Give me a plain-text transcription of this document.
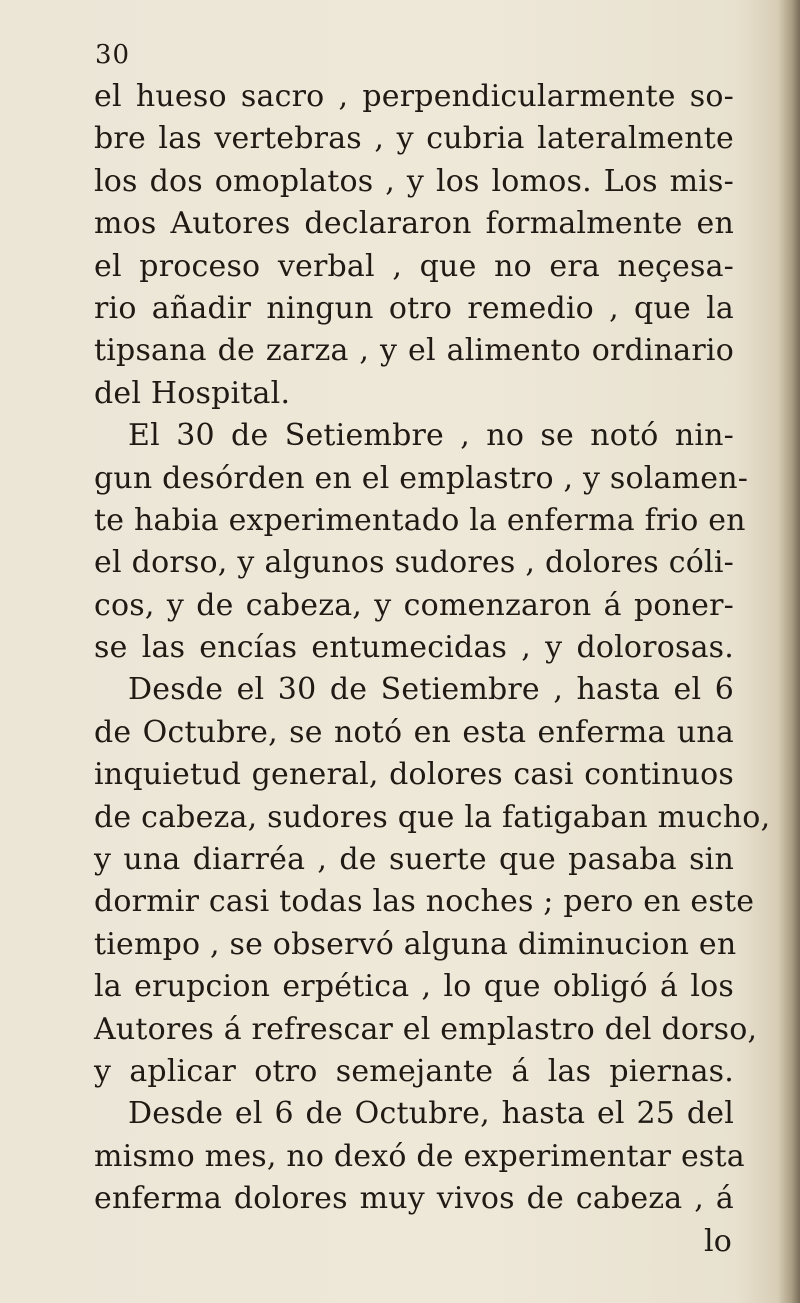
30
el hueso sacro , perpendicularmente so-
bre las vertebras , y cubria lateralmente
los dos omoplatos , y los lomos. Los mis-
mos Autores declararon formalmente en
el proceso verbal , que no era neçesa-
rio añadir ningun otro remedio , que la
tipsana de zarza , y el alimento ordinario
del Hospital.
El 30 de Setiembre , no se notó nin-
gun desórden en el emplastro , y solamen-
te habia experimentado la enferma frio en
el dorso, y algunos sudores , dolores cóli-
cos, y de cabeza, y comenzaron á poner-
se las encías entumecidas , y dolorosas.
Desde el 30 de Setiembre , hasta el 6
de Octubre, se notó en esta enferma una
inquietud general, dolores casi continuos
de cabeza, sudores que la fatigaban mucho,
y una diarréa , de suerte que pasaba sin
dormir casi todas las noches ; pero en este
tiempo , se observó alguna diminucion en
la erupcion erpética , lo que obligó á los
Autores á refrescar el emplastro del dorso,
y aplicar otro semejante á las piernas.
Desde el 6 de Octubre, hasta el 25 del
mismo mes, no dexó de experimentar esta
enferma dolores muy vivos de cabeza , á
lo
